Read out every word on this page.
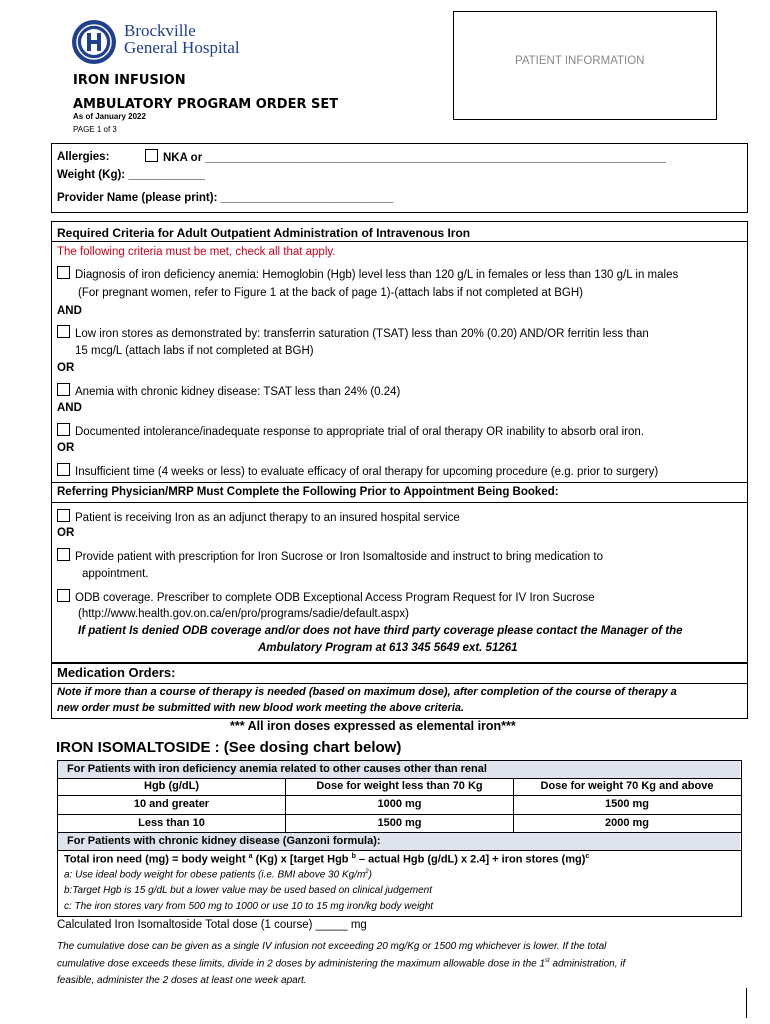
Brockville
General Hospital
IRON INFUSION
AMBULATORY PROGRAM ORDER SET
As of January 2022
PAGE 1 of 3
PATIENT INFORMATION
Allergies:	NKA or ________________________________________________________________________
Weight (Kg): ____________
Provider Name (please print): ___________________________
Required Criteria for Adult Outpatient Administration of Intravenous Iron
The following criteria must be met, check all that apply.
Diagnosis of iron deficiency anemia: Hemoglobin (Hgb) level less than 120 g/L in females or less than 130 g/L in males
(For pregnant women, refer to Figure 1 at the back of page 1)-(attach labs if not completed at BGH)
AND
Low iron stores as demonstrated by: transferrin saturation (TSAT) less than 20% (0.20) AND/OR ferritin less than
15 mcg/L (attach labs if not completed at BGH)
OR
Anemia with chronic kidney disease: TSAT less than 24% (0.24)
AND
Documented intolerance/inadequate response to appropriate trial of oral therapy OR inability to absorb oral iron.
OR
Insufficient time (4 weeks or less) to evaluate efficacy of oral therapy for upcoming procedure (e.g. prior to surgery)
Referring Physician/MRP Must Complete the Following Prior to Appointment Being Booked:
Patient is receiving Iron as an adjunct therapy to an insured hospital service
OR
Provide patient with prescription for Iron Sucrose or Iron Isomaltoside and instruct to bring medication to
appointment.
ODB coverage. Prescriber to complete ODB Exceptional Access Program Request for IV Iron Sucrose
(http://www.health.gov.on.ca/en/pro/programs/sadie/default.aspx)
If patient Is denied ODB coverage and/or does not have third party coverage please contact the Manager of the
Ambulatory Program at 613 345 5649 ext. 51261
Medication Orders:
Note if more than a course of therapy is needed (based on maximum dose), after completion of the course of therapy a
new order must be submitted with new blood work meeting the above criteria.
*** All iron doses expressed as elemental iron***
IRON ISOMALTOSIDE : (See dosing chart below)
For Patients with iron deficiency anemia related to other causes other than renal
Hgb (g/dL)	Dose for weight less than 70 Kg	Dose for weight 70 Kg and above
10 and greater	1000 mg	1500 mg
Less than 10	1500 mg	2000 mg
For Patients with chronic kidney disease (Ganzoni formula):
Total iron need (mg) = body weight $^a$ (Kg) x [target Hgb $^b$ – actual Hgb (g/dL) x 2.4] + iron stores (mg)$^c$
a: Use ideal body weight for obese patients (i.e. BMI above 30 $Kg/m^2$)
b:Target Hgb is 15 g/dL but a lower value may be used based on clinical judgement
c: The iron stores vary from 500 mg to 1000 or use 10 to 15 mg iron/kg body weight
Calculated Iron Isomaltoside Total dose (1 course) _____ mg
The cumulative dose can be given as a single IV infusion not exceeding 20 mg/Kg or 1500 mg whichever is lower. If the total
cumulative dose exceeds these limits, divide in 2 doses by administering the maximum allowable dose in the 1st administration, if
feasible, administer the 2 doses at least one week apart.
